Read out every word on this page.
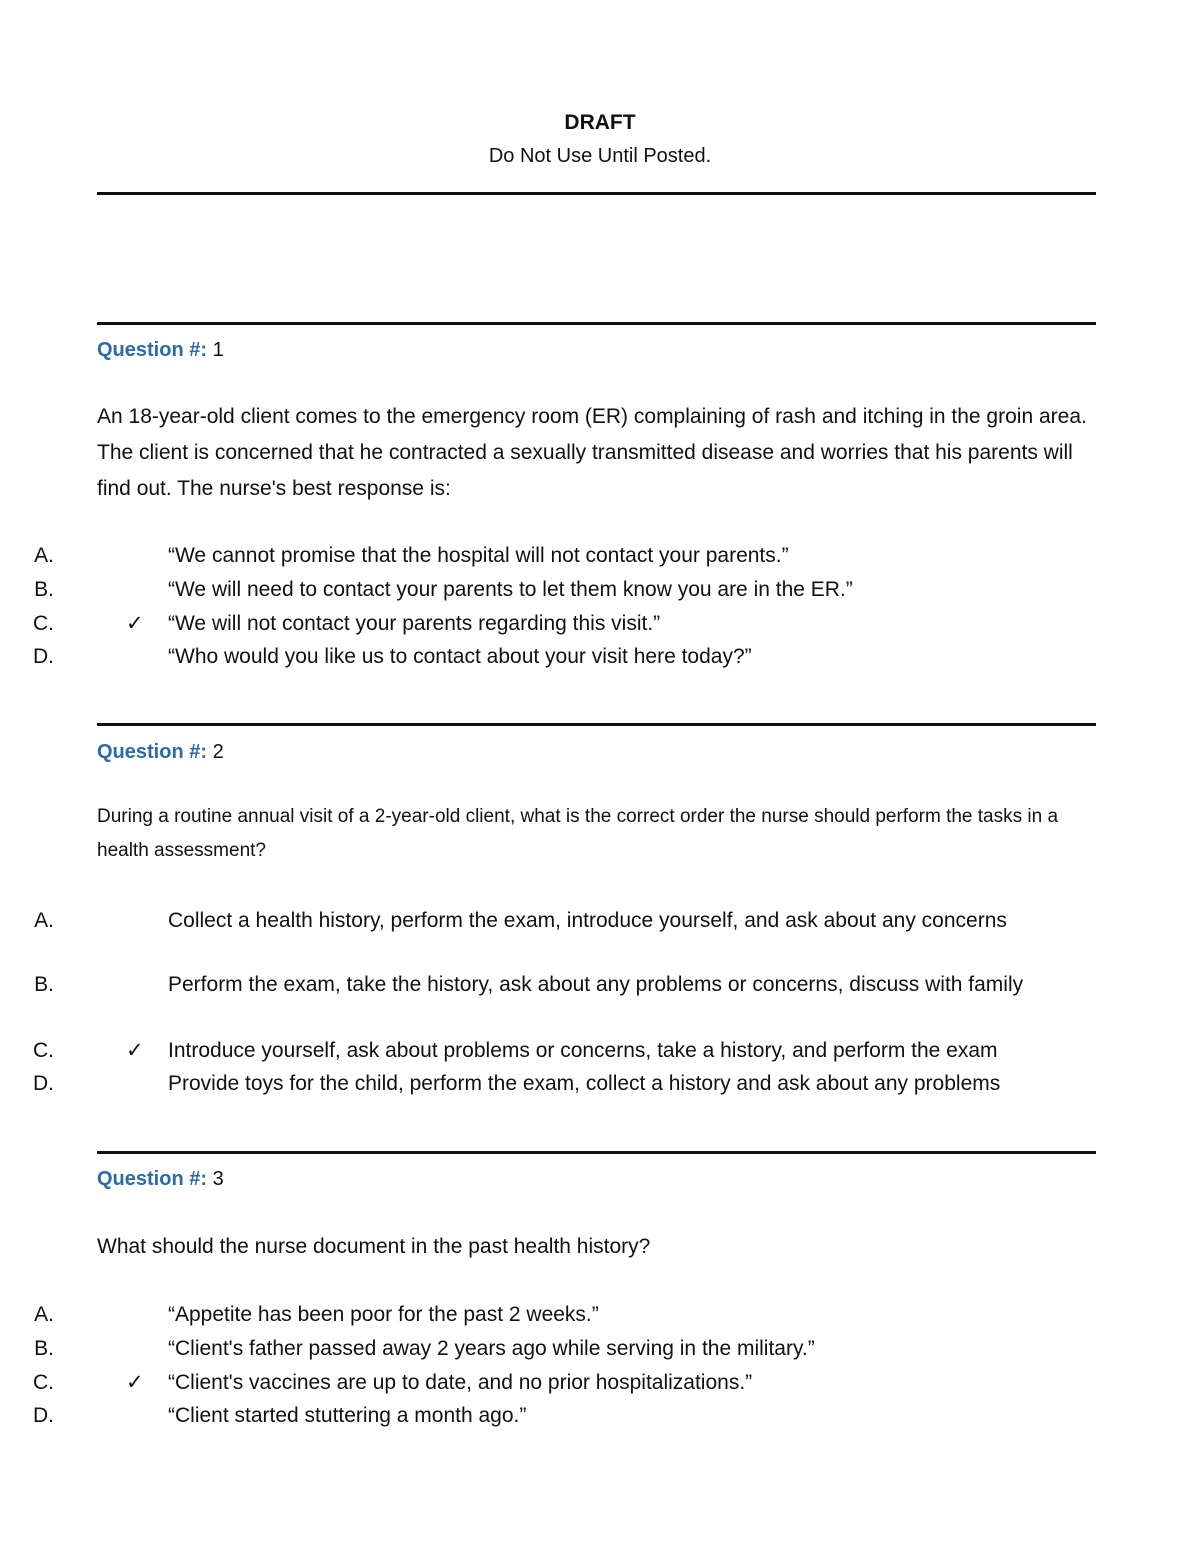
DRAFT
Do Not Use Until Posted.
Question #: 1

An 18-year-old client comes to the emergency room (ER) complaining of rash and itching in the groin area. The client is concerned that he contracted a sexually transmitted disease and worries that his parents will find out. The nurse's best response is:

A.	“We cannot promise that the hospital will not contact your parents.”
B.	“We will need to contact your parents to let them know you are in the ER.”
✓
C.	“We will not contact your parents regarding this visit.”
D.	“Who would you like us to contact about your visit here today?”
Question #: 2

During a routine annual visit of a 2-year-old client, what is the correct order the nurse should perform the tasks in a health assessment?

A.	Collect a health history, perform the exam, introduce yourself, and ask about any concerns
B.	Perform the exam, take the history, ask about any problems or concerns, discuss with family
✓
C.	Introduce yourself, ask about problems or concerns, take a history, and perform the exam
D.	Provide toys for the child, perform the exam, collect a history and ask about any problems
Question #: 3

What should the nurse document in the past health history?

A.	“Appetite has been poor for the past 2 weeks.”
B.	“Client's father passed away 2 years ago while serving in the military.”
✓
C.	“Client's vaccines are up to date, and no prior hospitalizations.”
D.	“Client started stuttering a month ago.”
